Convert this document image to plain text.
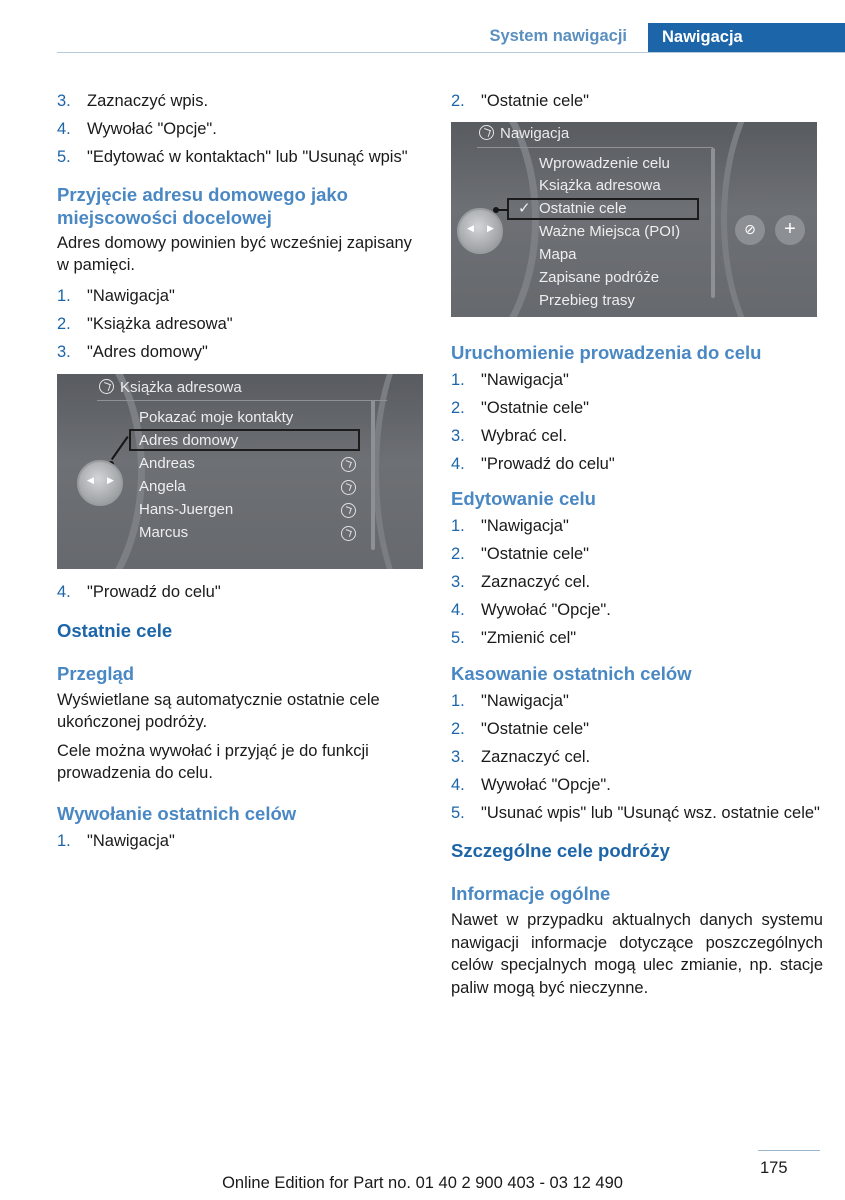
System nawigacji	Nawigacja
3. Zaznaczyć wpis.
4. Wywołać "Opcje".
5. "Edytować w kontaktach" lub "Usunąć wpis"
Przyjęcie adresu domowego jako miejscowości docelowej

Adres domowy powinien być wcześniej zapisany w pamięci.

1. "Nawigacja"
2. "Książka adresowa"
3. "Adres domowy"
Książka adresowa
Pokazać moje kontakty
Adres domowy
Andreas
Angela
Hans-Juergen
Marcus
◀ ▶
4. "Prowadź do celu"
Ostatnie cele
Przegląd

Wyświetlane są automatycznie ostatnie cele ukończonej podróży.

Cele można wywołać i przyjąć je do funkcji prowadzenia do celu.

Wywołanie ostatnich celów
1. "Nawigacja"
2. "Ostatnie cele"
Nawigacja
Wprowadzenie celu
Książka adresowa
✓ Ostatnie cele
Ważne Miejsca (POI)
Mapa
Zapisane podróże
Przebieg trasy
◀ ▶	⊘	+
Uruchomienie prowadzenia do celu
1. "Nawigacja"
2. "Ostatnie cele"
3. Wybrać cel.
4. "Prowadź do celu"
Edytowanie celu
1. "Nawigacja"
2. "Ostatnie cele"
3. Zaznaczyć cel.
4. Wywołać "Opcje".
5. "Zmienić cel"
Kasowanie ostatnich celów
1. "Nawigacja"
2. "Ostatnie cele"
3. Zaznaczyć cel.
4. Wywołać "Opcje".
5. "Usunać wpis" lub "Usunąć wsz. ostatnie cele"
Szczególne cele podróży
Informacje ogólne

Nawet w przypadku aktualnych danych systemu nawigacji informacje dotyczące poszczególnych celów specjalnych mogą ulec zmianie, np. stacje paliw mogą być nieczynne.

175
Online Edition for Part no. 01 40 2 900 403 - 03 12 490
